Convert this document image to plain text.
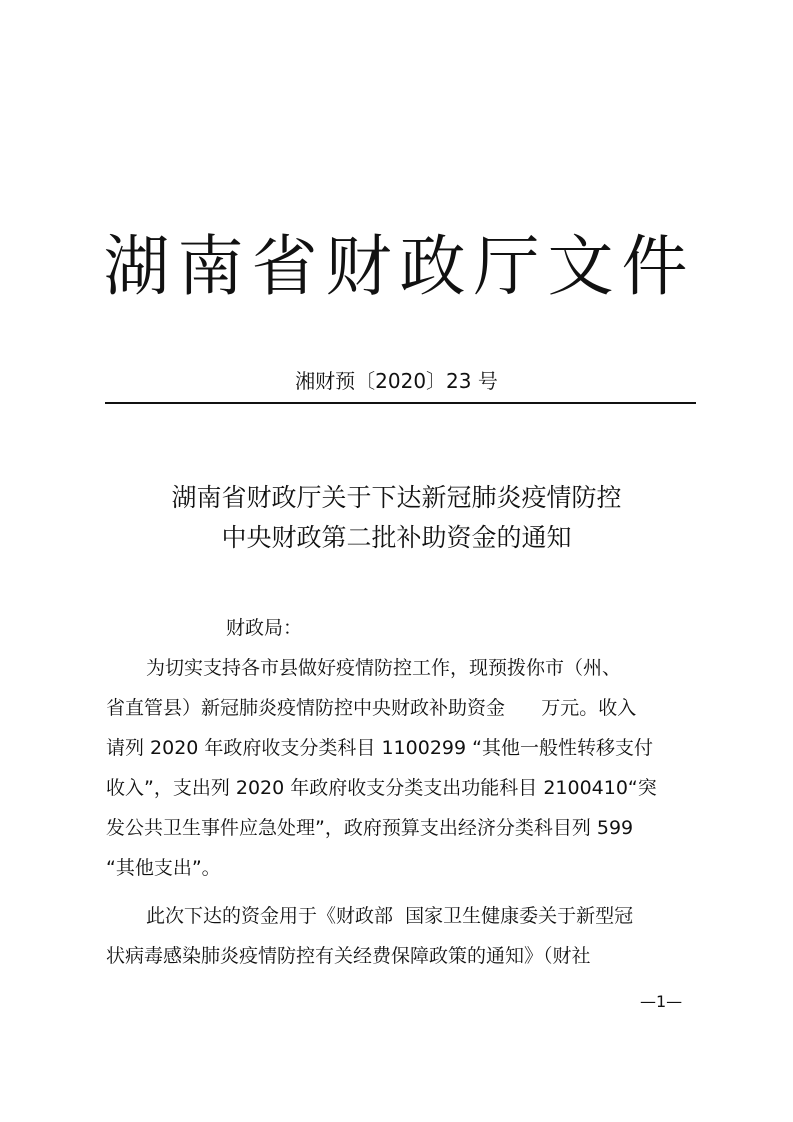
湖南省财政厅文件
湘财预〔2020〕23 号
湖南省财政厅关于下达新冠肺炎疫情防控
中央财政第二批补助资金的通知
财政局：
为切实支持各市县做好疫情防控工作，现预拨你市（州、
省直管县）新冠肺炎疫情防控中央财政补助资金      万元。收入
请列 2020 年政府收支分类科目 1100299 “其他一般性转移支付
收入”，支出列 2020 年政府收支分类支出功能科目 2100410“突
发公共卫生事件应急处理”，政府预算支出经济分类科目列 599
“其他支出”。
此次下达的资金用于《财政部  国家卫生健康委关于新型冠
状病毒感染肺炎疫情防控有关经费保障政策的通知》（财社
—1—
